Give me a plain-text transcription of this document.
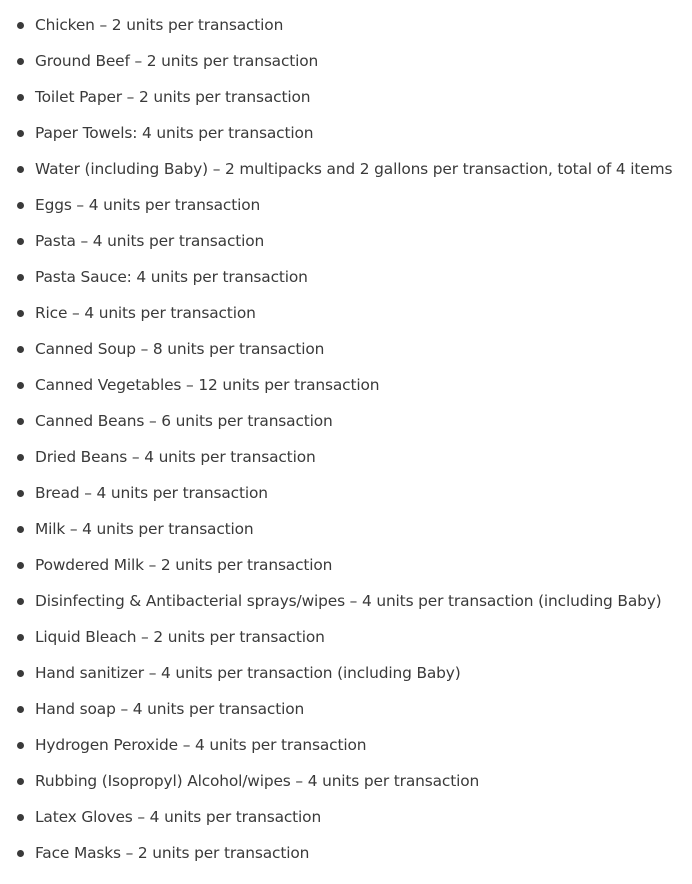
Chicken – 2 units per transaction
Ground Beef – 2 units per transaction
Toilet Paper – 2 units per transaction
Paper Towels: 4 units per transaction
Water (including Baby) – 2 multipacks and 2 gallons per transaction, total of 4 items
Eggs – 4 units per transaction
Pasta – 4 units per transaction
Pasta Sauce: 4 units per transaction
Rice – 4 units per transaction
Canned Soup – 8 units per transaction
Canned Vegetables – 12 units per transaction
Canned Beans – 6 units per transaction
Dried Beans – 4 units per transaction
Bread – 4 units per transaction
Milk – 4 units per transaction
Powdered Milk – 2 units per transaction
Disinfecting & Antibacterial sprays/wipes – 4 units per transaction (including Baby)
Liquid Bleach – 2 units per transaction
Hand sanitizer – 4 units per transaction (including Baby)
Hand soap – 4 units per transaction
Hydrogen Peroxide – 4 units per transaction
Rubbing (Isopropyl) Alcohol/wipes – 4 units per transaction
Latex Gloves – 4 units per transaction
Face Masks – 2 units per transaction
